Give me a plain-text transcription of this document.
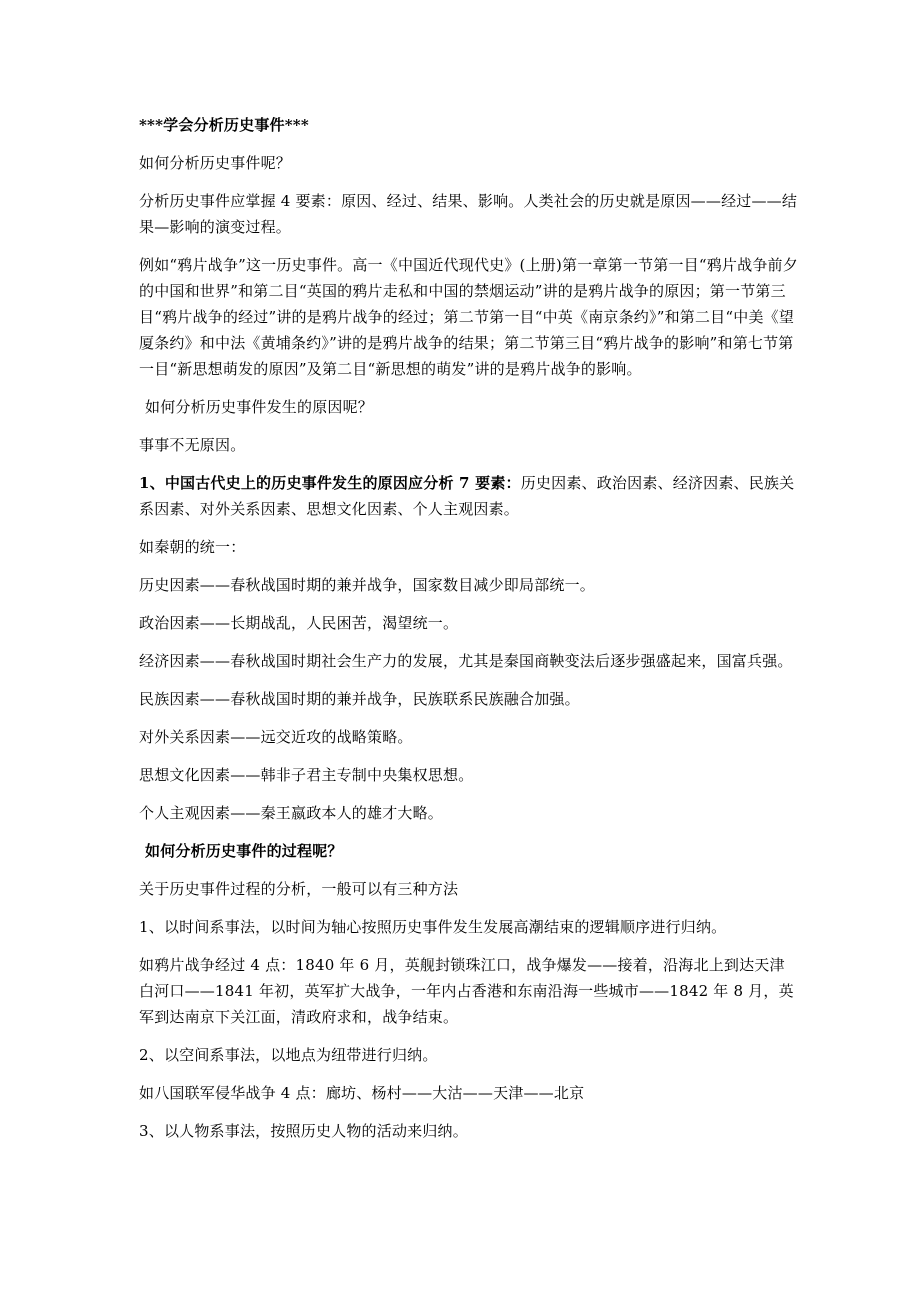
***学会分析历史事件***

如何分析历史事件呢？

分析历史事件应掌握 4 要素：原因、经过、结果、影响。人类社会的历史就是原因——经过——结果—影响的演变过程。

例如“鸦片战争”这一历史事件。高一《中国近代现代史》(上册)第一章第一节第一目“鸦片战争前夕的中国和世界”和第二目“英国的鸦片走私和中国的禁烟运动”讲的是鸦片战争的原因；第一节第三目“鸦片战争的经过”讲的是鸦片战争的经过；第二节第一目“中英《南京条约》”和第二目“中美《望厦条约》和中法《黄埔条约》”讲的是鸦片战争的结果；第二节第三目“鸦片战争的影响”和第七节第一目“新思想萌发的原因”及第二目“新思想的萌发”讲的是鸦片战争的影响。

如何分析历史事件发生的原因呢？

事事不无原因。

1、中国古代史上的历史事件发生的原因应分析 7 要素：历史因素、政治因素、经济因素、民族关系因素、对外关系因素、思想文化因素、个人主观因素。

如秦朝的统一：

历史因素——春秋战国时期的兼并战争，国家数目减少即局部统一。

政治因素——长期战乱，人民困苦，渴望统一。

经济因素——春秋战国时期社会生产力的发展，尤其是秦国商鞅变法后逐步强盛起来，国富兵强。

民族因素——春秋战国时期的兼并战争，民族联系民族融合加强。

对外关系因素——远交近攻的战略策略。

思想文化因素——韩非子君主专制中央集权思想。

个人主观因素——秦王嬴政本人的雄才大略。

如何分析历史事件的过程呢？

关于历史事件过程的分析，一般可以有三种方法

1、以时间系事法，以时间为轴心按照历史事件发生发展高潮结束的逻辑顺序进行归纳。

如鸦片战争经过 4 点：1840 年 6 月，英舰封锁珠江口，战争爆发——接着，沿海北上到达天津白河口——1841 年初，英军扩大战争，一年内占香港和东南沿海一些城市——1842 年 8 月，英军到达南京下关江面，清政府求和，战争结束。

2、以空间系事法，以地点为纽带进行归纳。

如八国联军侵华战争 4 点：廊坊、杨村——大沽——天津——北京

3、以人物系事法，按照历史人物的活动来归纳。
